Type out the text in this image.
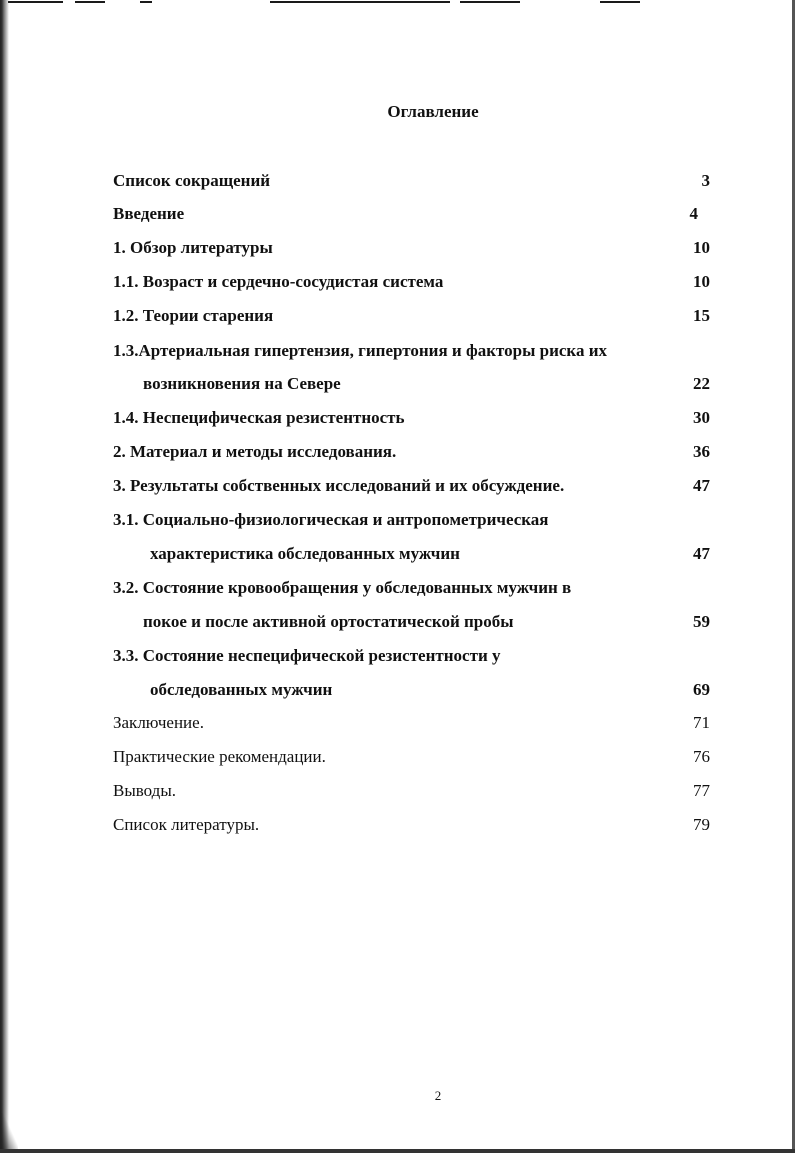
Оглавление
Список сокращений	3
Введение	4
1. Обзор литературы	10
1.1. Возраст и сердечно-сосудистая система	10
1.2. Теории старения	15
1.3.Артериальная гипертензия, гипертония и факторы риска их
возникновения на Севере	22
1.4. Неспецифическая резистентность	30
2. Материал и методы исследования.	36
3. Результаты собственных исследований и их обсуждение.	47
3.1. Социально-физиологическая и антропометрическая
характеристика обследованных мужчин	47
3.2. Состояние кровообращения у обследованных мужчин в
покое и после активной ортостатической пробы	59
3.3. Состояние неспецифической резистентности у
обследованных мужчин	69
Заключение.	71
Практические рекомендации.	76
Выводы.	77
Список литературы.	79
2
